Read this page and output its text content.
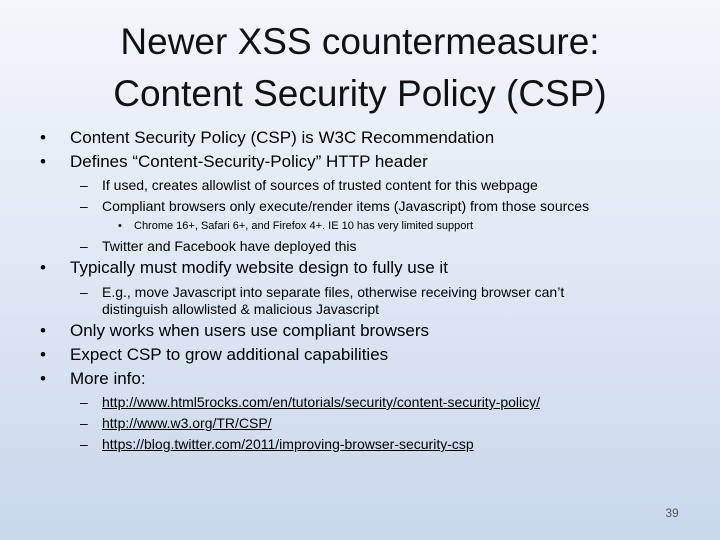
Newer XSS countermeasure:
Content Security Policy (CSP)
• Content Security Policy (CSP) is W3C Recommendation
• Defines “Content-Security-Policy” HTTP header
– If used, creates allowlist of sources of trusted content for this webpage
– Compliant browsers only execute/render items (Javascript) from those sources
• Chrome 16+, Safari 6+, and Firefox 4+. IE 10 has very limited support
– Twitter and Facebook have deployed this
• Typically must modify website design to fully use it
– E.g., move Javascript into separate files, otherwise receiving browser can’t
distinguish allowlisted & malicious Javascript
• Only works when users use compliant browsers
• Expect CSP to grow additional capabilities
• More info:
– http://www.html5rocks.com/en/tutorials/security/content-security-policy/
– http://www.w3.org/TR/CSP/
– https://blog.twitter.com/2011/improving-browser-security-csp
39
